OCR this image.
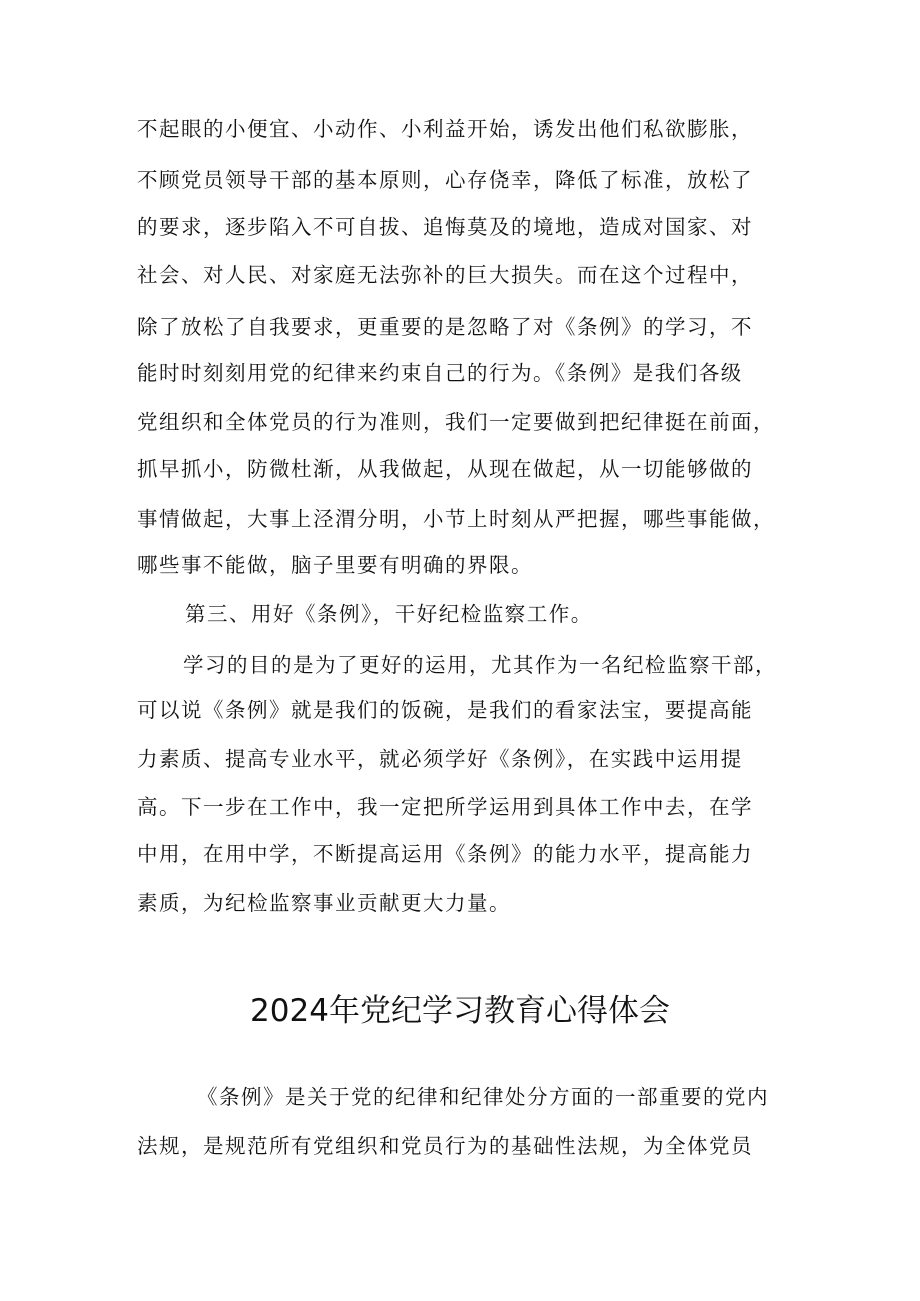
不起眼的小便宜、小动作、小利益开始，诱发出他们私欲膨胀，
不顾党员领导干部的基本原则，心存侥幸，降低了标准，放松了
的要求，逐步陷入不可自拔、追悔莫及的境地，造成对国家、对
社会、对人民、对家庭无法弥补的巨大损失。而在这个过程中，
除了放松了自我要求，更重要的是忽略了对《条例》的学习，不
能时时刻刻用党的纪律来约束自己的行为。《条例》是我们各级
党组织和全体党员的行为准则，我们一定要做到把纪律挺在前面，
抓早抓小，防微杜渐，从我做起，从现在做起，从一切能够做的
事情做起，大事上泾渭分明，小节上时刻从严把握，哪些事能做，
哪些事不能做，脑子里要有明确的界限。
第三、用好《条例》，干好纪检监察工作。
学习的目的是为了更好的运用，尤其作为一名纪检监察干部，
可以说《条例》就是我们的饭碗，是我们的看家法宝，要提高能
力素质、提高专业水平，就必须学好《条例》，在实践中运用提
高。下一步在工作中，我一定把所学运用到具体工作中去，在学
中用，在用中学，不断提高运用《条例》的能力水平，提高能力
素质，为纪检监察事业贡献更大力量。
2024年党纪学习教育心得体会
《条例》是关于党的纪律和纪律处分方面的一部重要的党内
法规，是规范所有党组织和党员行为的基础性法规，为全体党员
